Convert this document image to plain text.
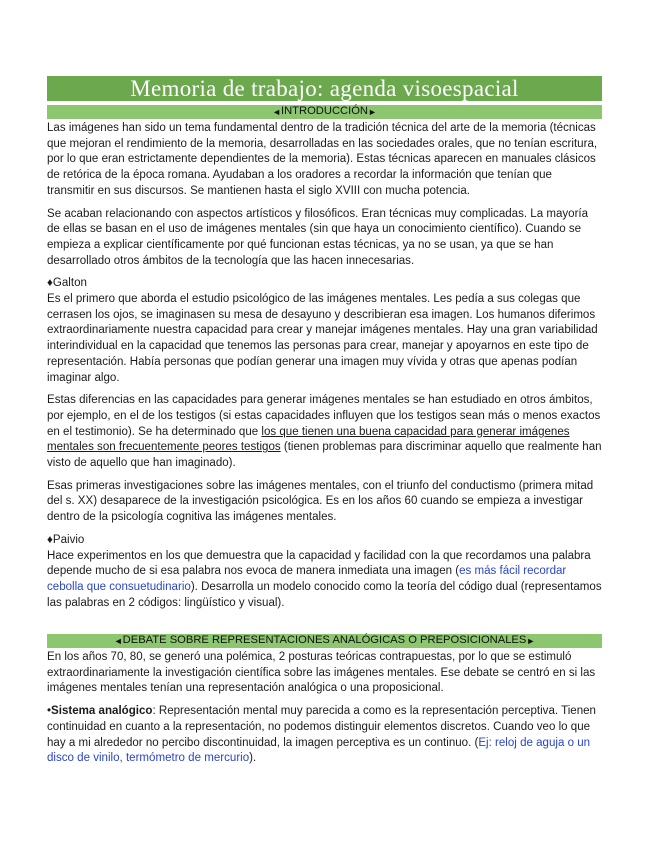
Memoria de trabajo: agenda visoespacial
◄ INTRODUCCIÓN ►

Las imágenes han sido un tema fundamental dentro de la tradición técnica del arte de la memoria (técnicas que mejoran el rendimiento de la memoria, desarrolladas en las sociedades orales, que no tenían escritura, por lo que eran estrictamente dependientes de la memoria). Estas técnicas aparecen en manuales clásicos de retórica de la época romana. Ayudaban a los oradores a recordar la información que tenían que transmitir en sus discursos. Se mantienen hasta el siglo XVIII con mucha potencia.

Se acaban relacionando con aspectos artísticos y filosóficos. Eran técnicas muy complicadas. La mayoría de ellas se basan en el uso de imágenes mentales (sin que haya un conocimiento científico). Cuando se empieza a explicar científicamente por qué funcionan estas técnicas, ya no se usan, ya que se han desarrollado otros ámbitos de la tecnología que las hacen innecesarias.

♦Galton

Es el primero que aborda el estudio psicológico de las imágenes mentales. Les pedía a sus colegas que cerrasen los ojos, se imaginasen su mesa de desayuno y describieran esa imagen. Los humanos diferimos extraordinariamente nuestra capacidad para crear y manejar imágenes mentales. Hay una gran variabilidad interindividual en la capacidad que tenemos las personas para crear, manejar y apoyarnos en este tipo de representación. Había personas que podían generar una imagen muy vívida y otras que apenas podían imaginar algo.

Estas diferencias en las capacidades para generar imágenes mentales se han estudiado en otros ámbitos, por ejemplo, en el de los testigos (si estas capacidades influyen que los testigos sean más o menos exactos en el testimonio). Se ha determinado que los que tienen una buena capacidad para generar imágenes mentales son frecuentemente peores testigos (tienen problemas para discriminar aquello que realmente han visto de aquello que han imaginado).

Esas primeras investigaciones sobre las imágenes mentales, con el triunfo del conductismo (primera mitad del s. XX) desaparece de la investigación psicológica. Es en los años 60 cuando se empieza a investigar dentro de la psicología cognitiva las imágenes mentales.

♦Paivio

Hace experimentos en los que demuestra que la capacidad y facilidad con la que recordamos una palabra depende mucho de si esa palabra nos evoca de manera inmediata una imagen (es más fácil recordar cebolla que consuetudinario). Desarrolla un modelo conocido como la teoría del código dual (representamos las palabras en 2 códigos: lingüístico y visual).

◄ DEBATE SOBRE REPRESENTACIONES ANALÓGICAS O PREPOSICIONALES ►

En los años 70, 80, se generó una polémica, 2 posturas teóricas contrapuestas, por lo que se estimuló extraordinariamente la investigación científica sobre las imágenes mentales. Ese debate se centró en si las imágenes mentales tenían una representación analógica o una proposicional.

•Sistema analógico: Representación mental muy parecida a como es la representación perceptiva. Tienen continuidad en cuanto a la representación, no podemos distinguir elementos discretos. Cuando veo lo que hay a mi alrededor no percibo discontinuidad, la imagen perceptiva es un continuo. (Ej: reloj de aguja o un disco de vinilo, termómetro de mercurio).
